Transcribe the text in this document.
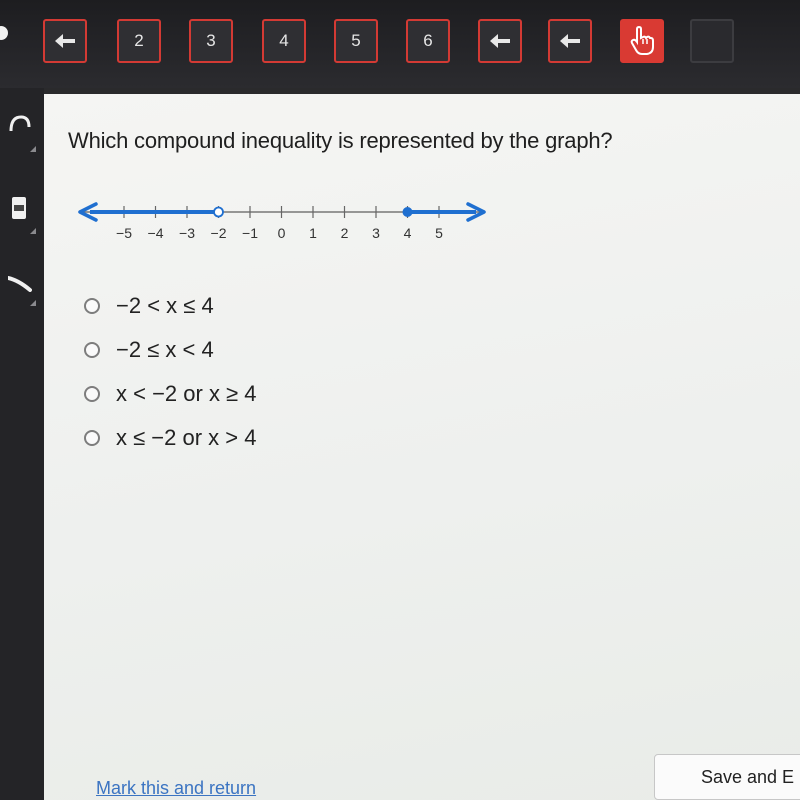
2	3	4	5	6
Which compound inequality is represented by the graph?
−5 −4 −3 −2 −1 0 1 2 3 4 5
−2 < x ≤ 4
−2 ≤ x < 4
x < −2 or x ≥ 4
x ≤ −2 or x > 4
Mark this and return
Save and E
